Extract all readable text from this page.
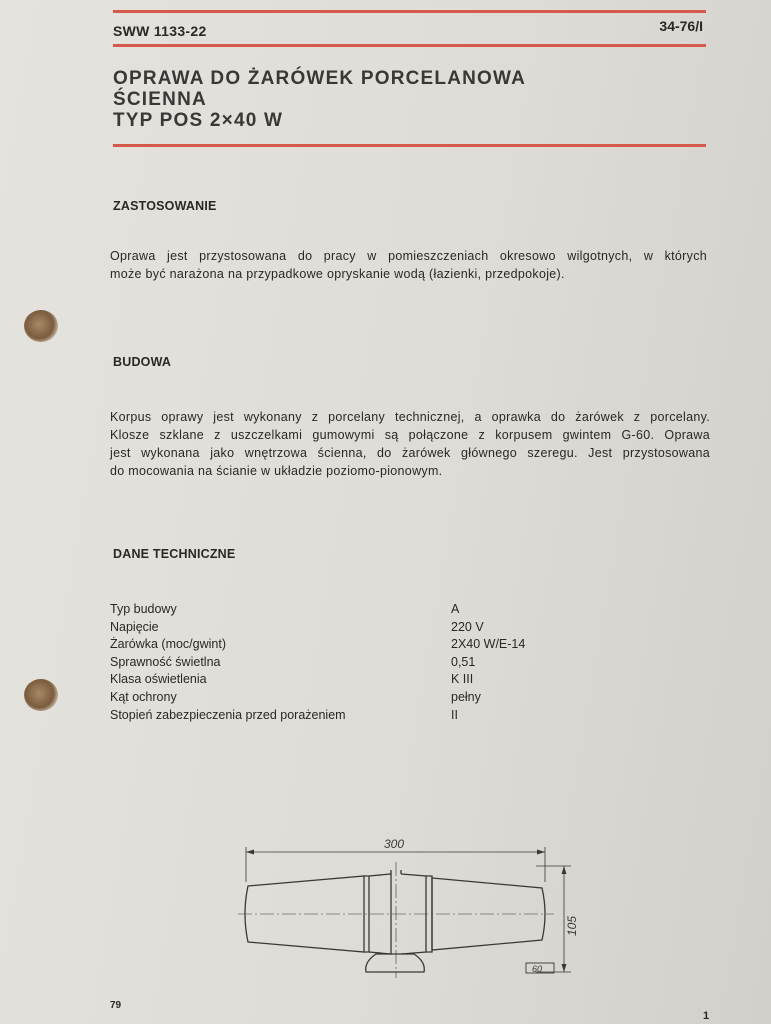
SWW 1133-22	34-76/I
OPRAWA DO ŻARÓWEK PORCELANOWA
ŚCIENNA
TYP POS 2×40 W
ZASTOSOWANIE
Oprawa jest przystosowana do pracy w pomieszczeniach okresowo wilgotnych, w których
może być narażona na przypadkowe opryskanie wodą (łazienki, przedpokoje).
BUDOWA
Korpus oprawy jest wykonany z porcelany technicznej, a oprawka do żarówek z porcelany.
Klosze szklane z uszczelkami gumowymi są połączone z korpusem gwintem G-60. Oprawa
jest wykonana jako wnętrzowa ścienna, do żarówek głównego szeregu. Jest przystosowana
do mocowania na ścianie w układzie poziomo-pionowym.
DANE TECHNICZNE
Typ budowy	A
Napięcie	220 V
Żarówka (moc/gwint)	2X40 W/E-14
Sprawność świetlna	0,51
Klasa oświetlenia	K III
Kąt ochrony	pełny
Stopień zabezpieczenia przed porażeniem	II
300
105
60
79
1
